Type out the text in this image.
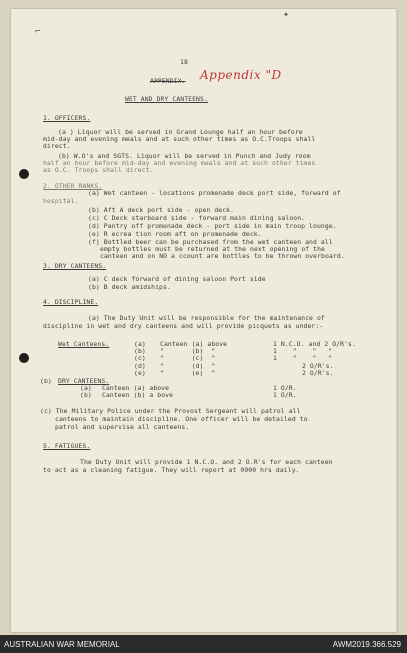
⌐
✦
18
APPENDIX. Appendix "D
WET AND DRY CANTEENS.
1. OFFICERS.
(a ) Liquor will be served in Grand Lounge half an hour before
mid-day and evening meals and at such other times as O.C.Troops shall
direct.
(b) W.O's and SGTS. Liquor will be served in Punch and Judy room
half an hour before mid-day and evening meals and at such other times
as O.C. Troops shall direct.
2. OTHER RANKS.
(a) Wet canteen - locations promenade deck port side, forward of
hospital.
(b) Aft A deck port side - open deck.
(c) C Deck starboard side - forward main dining saloon.
(d) Pantry off promenade deck - port side in main troop lounge.
(e) R ecrea tion room aft on promenade deck.
(f) Bottled beer can be purchased from the wet canteen and all
empty bottles must be returned at the next opening of the
canteen and on NO a ccount are bottles to be thrown overboard.
3. DRY CANTEENS.
(a) C deck forward of dining saloon Port side
(b) B deck amidships.
4. DISCIPLINE.
(a) The Duty Unit will be responsible for the maintenance of
discipline in wet and dry canteens and will provide picquets as under:-
Wet Canteens.	(a) Canteen (a) above	1 N.C.O. and 2 O/R's.
(b) "       (b)  "	1    "    "   "
(c) "       (c)  "	1    "    "   "
(d) "       (d)  "	2 O/R's.
(e) "       (e)  "	2 O/R's.
(b) DRY CANTEENS.
(a) Canteen (a) above	1 O/R.
(b) Canteen (b) a bove	1 O/R.
(c) The Military Police under the Provost Sergeant will patrol all
canteens to maintain discipline. One officer will be detailed to
patrol and supervise all canteens.
5. FATIGUES.
The Duty Unit will provide 1 N.C.O. and 2 O.R's for each canteen
to act as a cleaning fatigue. They will report at 0900 hrs daily.
AUSTRALIAN WAR MEMORIAL	AWM2019.366.529
